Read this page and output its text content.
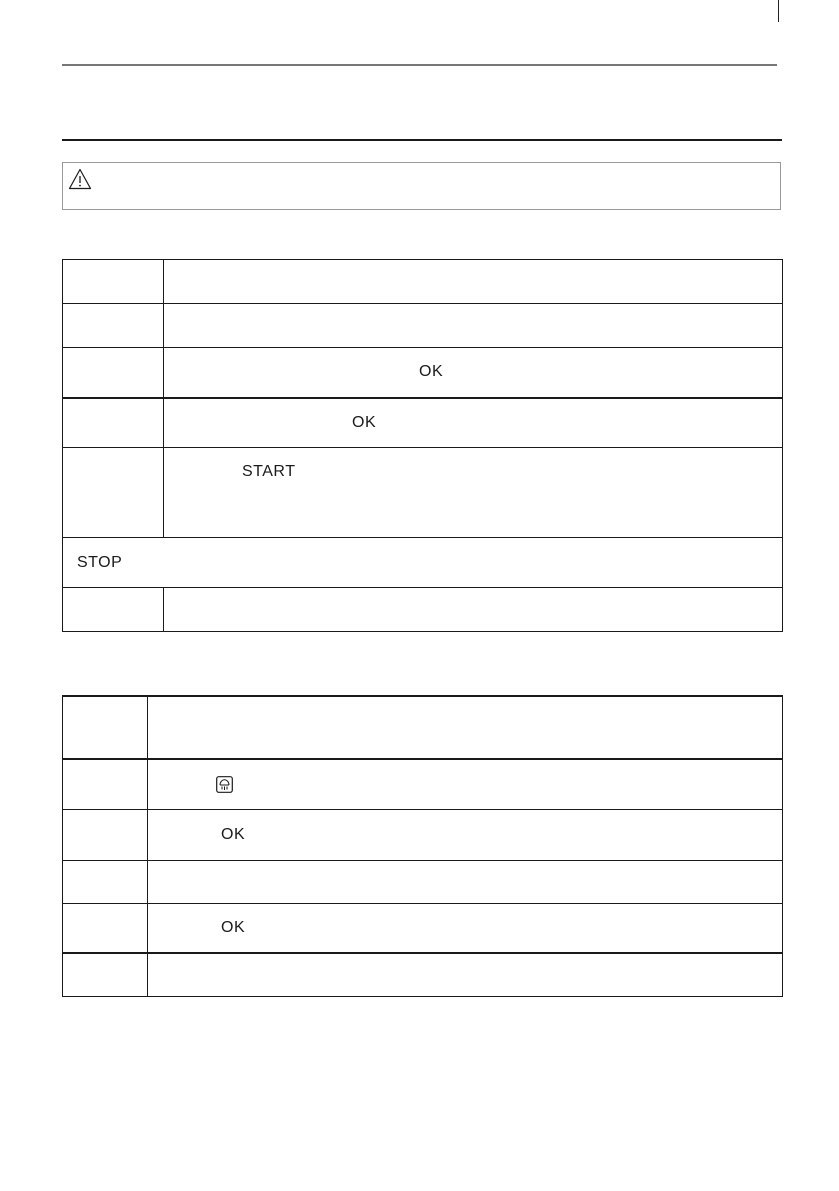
	OK
	OK
	START
STOP	

	OK

	OK
